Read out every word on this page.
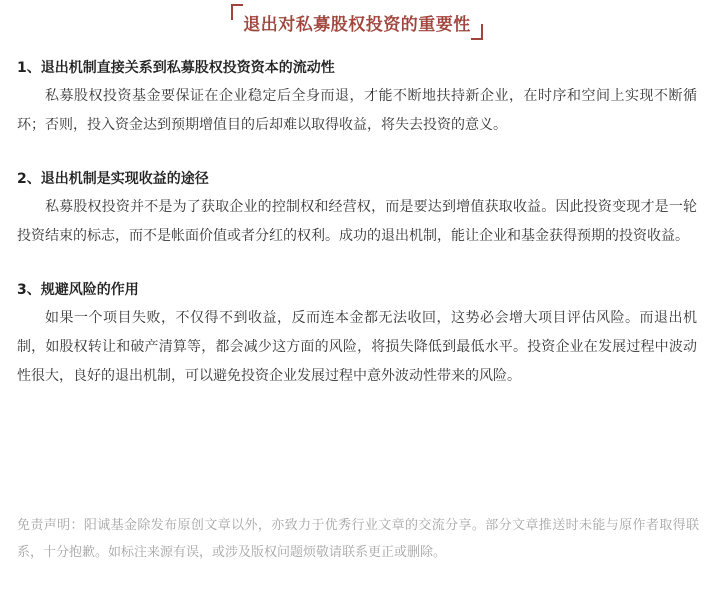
退出对私募股权投资的重要性
1、退出机制直接关系到私募股权投资资本的流动性

私募股权投资基金要保证在企业稳定后全身而退，才能不断地扶持新企业，在时序和空间上实现不断循环；否则，投入资金达到预期增值目的后却难以取得收益，将失去投资的意义。

2、退出机制是实现收益的途径

私募股权投资并不是为了获取企业的控制权和经营权，而是要达到增值获取收益。因此投资变现才是一轮投资结束的标志，而不是帐面价值或者分红的权利。成功的退出机制，能让企业和基金获得预期的投资收益。

3、规避风险的作用

如果一个项目失败，不仅得不到收益，反而连本金都无法收回，这势必会增大项目评估风险。而退出机制，如股权转让和破产清算等，都会减少这方面的风险，将损失降低到最低水平。投资企业在发展过程中波动性很大，良好的退出机制，可以避免投资企业发展过程中意外波动性带来的风险。

免责声明：阳诚基金除发布原创文章以外，亦致力于优秀行业文章的交流分享。部分文章推送时未能与原作者取得联系，十分抱歉。如标注来源有误，或涉及版权问题烦敬请联系更正或删除。
